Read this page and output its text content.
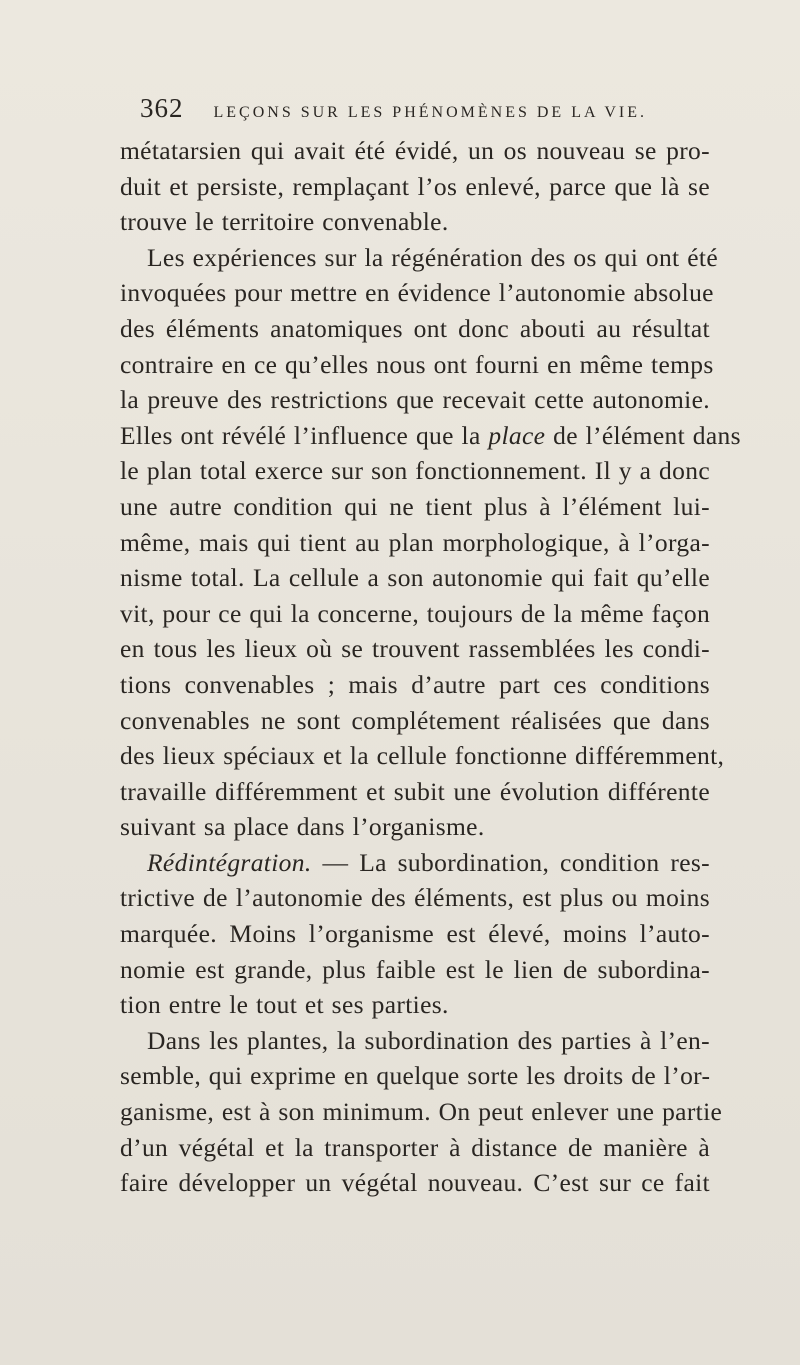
362 LEÇONS SUR LES PHÉNOMÈNES DE LA VIE.

métatarsien qui avait été évidé, un os nouveau se pro-
duit et persiste, remplaçant l’os enlevé, parce que là se
trouve le territoire convenable.

Les expériences sur la régénération des os qui ont été
invoquées pour mettre en évidence l’autonomie absolue
des éléments anatomiques ont donc abouti au résultat
contraire en ce qu’elles nous ont fourni en même temps
la preuve des restrictions que recevait cette autonomie.
Elles ont révélé l’influence que la place de l’élément dans
le plan total exerce sur son fonctionnement. Il y a donc
une autre condition qui ne tient plus à l’élément lui-
même, mais qui tient au plan morphologique, à l’orga-
nisme total. La cellule a son autonomie qui fait qu’elle
vit, pour ce qui la concerne, toujours de la même façon
en tous les lieux où se trouvent rassemblées les condi-
tions convenables ; mais d’autre part ces conditions
convenables ne sont complétement réalisées que dans
des lieux spéciaux et la cellule fonctionne différemment,
travaille différemment et subit une évolution différente
suivant sa place dans l’organisme.

Rédintégration. — La subordination, condition res-
trictive de l’autonomie des éléments, est plus ou moins
marquée. Moins l’organisme est élevé, moins l’auto-
nomie est grande, plus faible est le lien de subordina-
tion entre le tout et ses parties.

Dans les plantes, la subordination des parties à l’en-
semble, qui exprime en quelque sorte les droits de l’or-
ganisme, est à son minimum. On peut enlever une partie
d’un végétal et la transporter à distance de manière à
faire développer un végétal nouveau. C’est sur ce fait
